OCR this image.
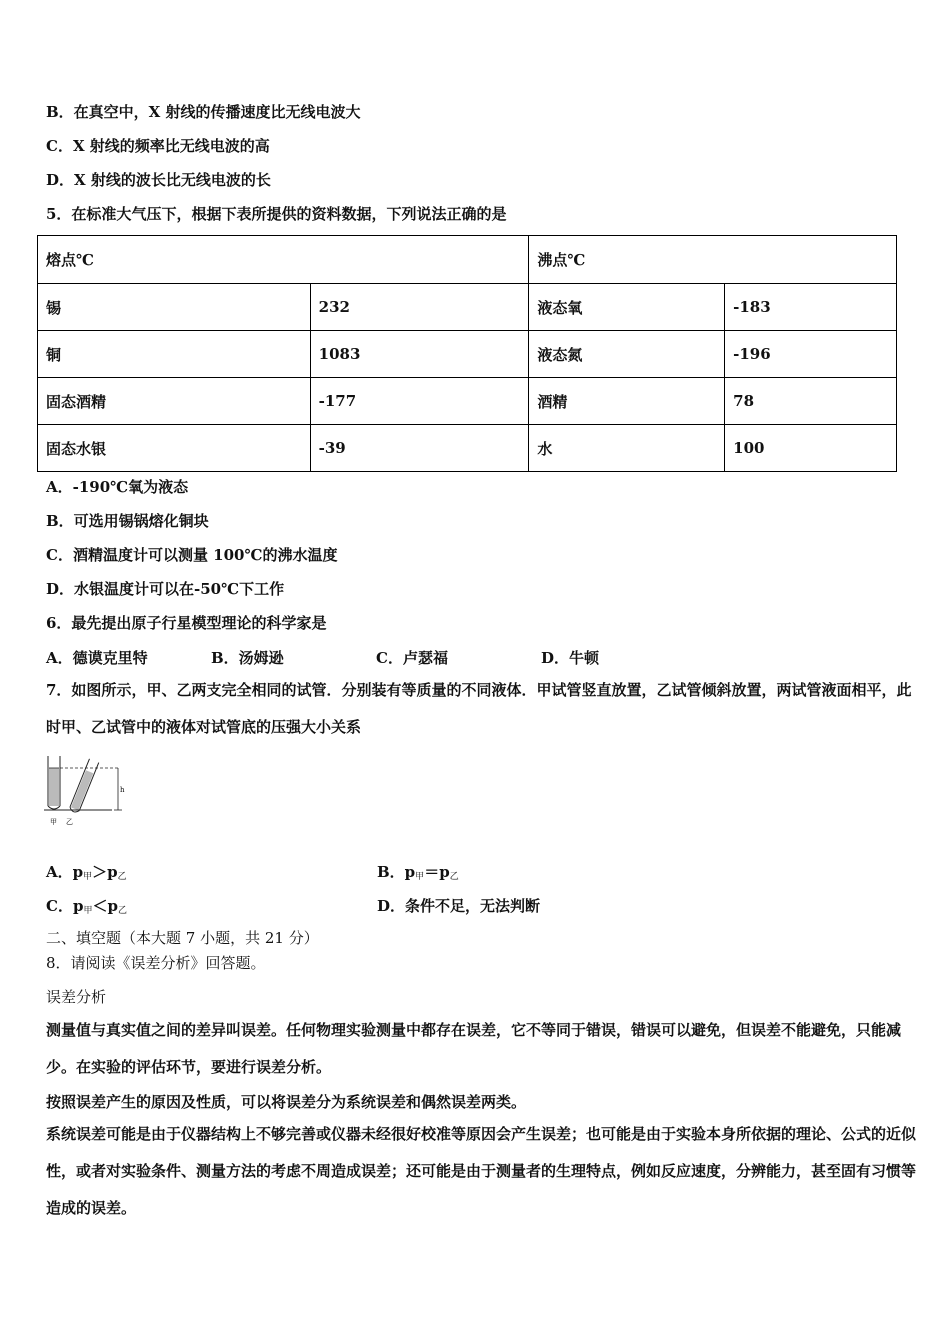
B．在真空中，X 射线的传播速度比无线电波大
C．X 射线的频率比无线电波的高
D．X 射线的波长比无线电波的长
5．在标准大气压下，根据下表所提供的资料数据，下列说法正确的是
熔点℃		沸点℃	
锡	232	液态氧	-183
铜	1083	液态氮	-196
固态酒精	-177	酒精	78
固态水银	-39	水	100
A．-190℃氧为液态
B．可选用锡锅熔化铜块
C．酒精温度计可以测量 100℃的沸水温度
D．水银温度计可以在-50℃下工作
6．最先提出原子行星模型理论的科学家是
A．德谟克里特	B．汤姆逊	C．卢瑟福	D．牛顿
7．如图所示，甲、乙两支完全相同的试管．分别装有等质量的不同液体．甲试管竖直放置，乙试管倾斜放置，两试管液面相平，此时甲、乙试管中的液体对试管底的压强大小关系
h
甲 乙
A．$p_甲>p_乙$	B．$p_甲=p_乙$
C．$p_甲<p_乙$	D．条件不足，无法判断
二、填空题（本大题 7 小题，共 21 分）
8．请阅读《误差分析》回答题。
误差分析
测量值与真实值之间的差异叫误差。任何物理实验测量中都存在误差，它不等同于错误，错误可以避免，但误差不能避免，只能减少。在实验的评估环节，要进行误差分析。
按照误差产生的原因及性质，可以将误差分为系统误差和偶然误差两类。
系统误差可能是由于仪器结构上不够完善或仪器未经很好校准等原因会产生误差；也可能是由于实验本身所依据的理论、公式的近似性，或者对实验条件、测量方法的考虑不周造成误差；还可能是由于测量者的生理特点，例如反应速度，分辨能力，甚至固有习惯等造成的误差。
